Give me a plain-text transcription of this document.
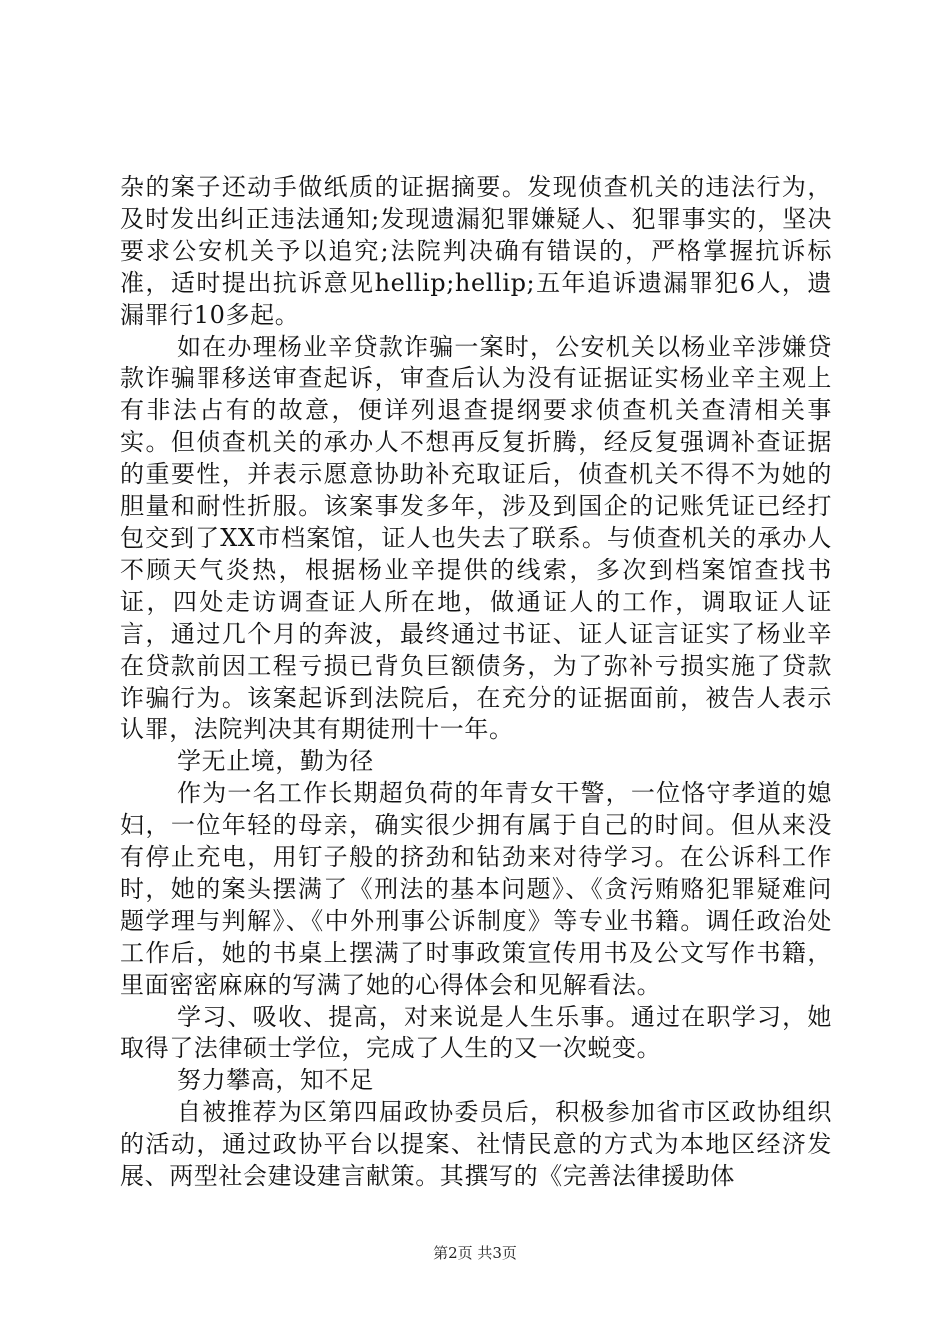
杂的案子还动手做纸质的证据摘要。发现侦查机关的违法行为，及时发出纠正违法通知;发现遗漏犯罪嫌疑人、犯罪事实的，坚决要求公安机关予以追究;法院判决确有错误的，严格掌握抗诉标准，适时提出抗诉意见hellip;hellip;五年追诉遗漏罪犯6人，遗漏罪行10多起。

如在办理杨业辛贷款诈骗一案时，公安机关以杨业辛涉嫌贷款诈骗罪移送审查起诉，审查后认为没有证据证实杨业辛主观上有非法占有的故意，便详列退查提纲要求侦查机关查清相关事实。但侦查机关的承办人不想再反复折腾，经反复强调补查证据的重要性，并表示愿意协助补充取证后，侦查机关不得不为她的胆量和耐性折服。该案事发多年，涉及到国企的记账凭证已经打包交到了XX市档案馆，证人也失去了联系。与侦查机关的承办人不顾天气炎热，根据杨业辛提供的线索，多次到档案馆查找书证，四处走访调查证人所在地，做通证人的工作，调取证人证言，通过几个月的奔波，最终通过书证、证人证言证实了杨业辛在贷款前因工程亏损已背负巨额债务，为了弥补亏损实施了贷款诈骗行为。该案起诉到法院后，在充分的证据面前，被告人表示认罪，法院判决其有期徒刑十一年。

学无止境，勤为径

作为一名工作长期超负荷的年青女干警，一位恪守孝道的媳妇，一位年轻的母亲，确实很少拥有属于自己的时间。但从来没有停止充电，用钉子般的挤劲和钻劲来对待学习。在公诉科工作时，她的案头摆满了《刑法的基本问题》、《贪污贿赂犯罪疑难问题学理与判解》、《中外刑事公诉制度》等专业书籍。调任政治处工作后，她的书桌上摆满了时事政策宣传用书及公文写作书籍，里面密密麻麻的写满了她的心得体会和见解看法。

学习、吸收、提高，对来说是人生乐事。通过在职学习，她取得了法律硕士学位，完成了人生的又一次蜕变。

努力攀高，知不足

自被推荐为区第四届政协委员后，积极参加省市区政协组织的活动，通过政协平台以提案、社情民意的方式为本地区经济发展、两型社会建设建言献策。其撰写的《完善法律援助体

第2页 共3页
